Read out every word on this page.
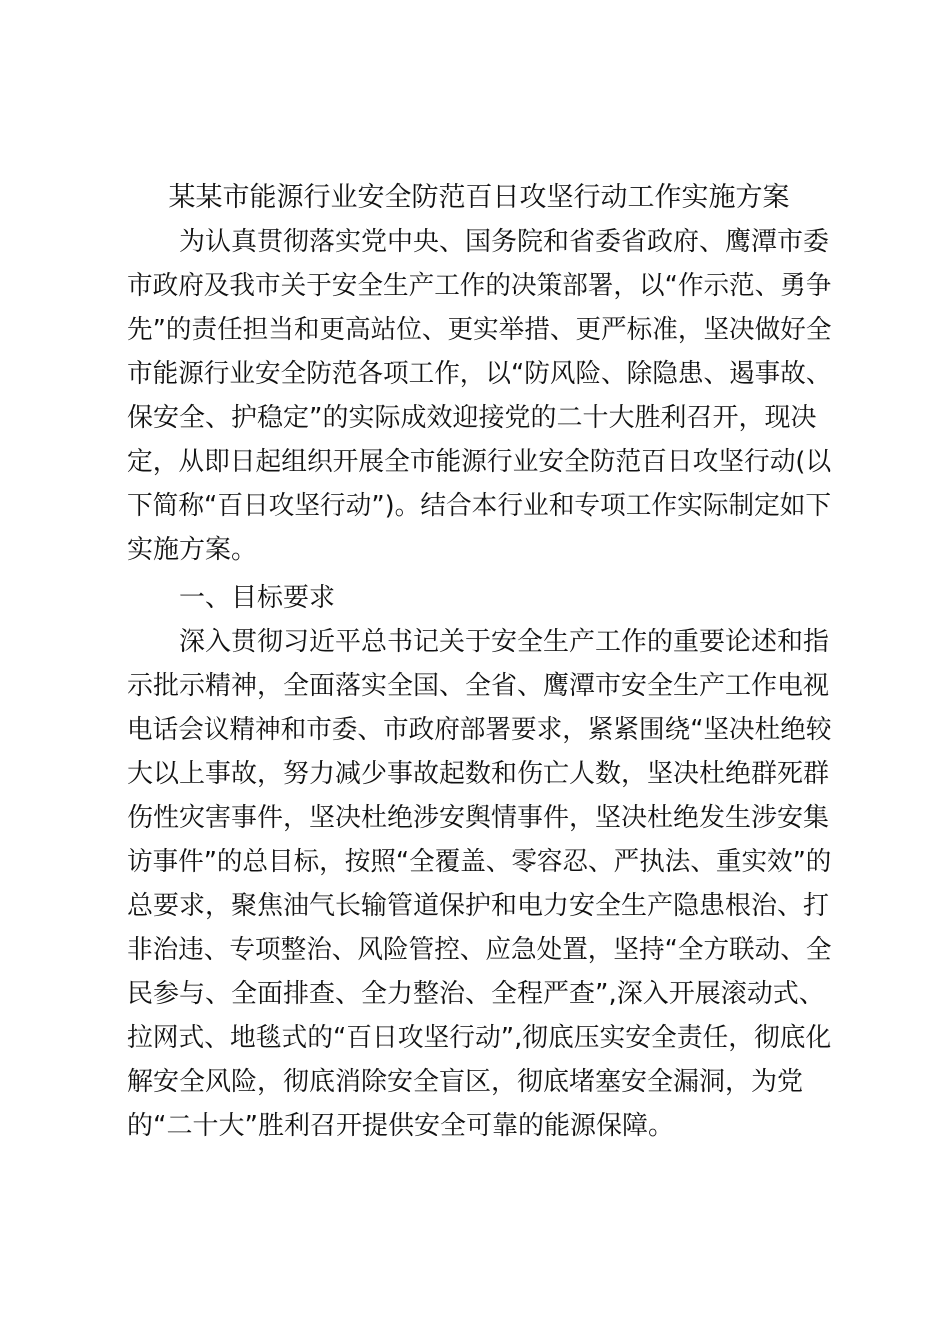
某某市能源行业安全防范百日攻坚行动工作实施方案
为认真贯彻落实党中央、国务院和省委省政府、鹰潭市委
市政府及我市关于安全生产工作的决策部署，以“作示范、勇争
先”的责任担当和更高站位、更实举措、更严标准，坚决做好全
市能源行业安全防范各项工作，以“防风险、除隐患、遏事故、
保安全、护稳定”的实际成效迎接党的二十大胜利召开，现决
定，从即日起组织开展全市能源行业安全防范百日攻坚行动(以
下简称“百日攻坚行动”)。结合本行业和专项工作实际制定如下
实施方案。
一、目标要求
深入贯彻习近平总书记关于安全生产工作的重要论述和指
示批示精神，全面落实全国、全省、鹰潭市安全生产工作电视
电话会议精神和市委、市政府部署要求，紧紧围绕“坚决杜绝较
大以上事故，努力减少事故起数和伤亡人数，坚决杜绝群死群
伤性灾害事件，坚决杜绝涉安舆情事件，坚决杜绝发生涉安集
访事件”的总目标，按照“全覆盖、零容忍、严执法、重实效”的
总要求，聚焦油气长输管道保护和电力安全生产隐患根治、打
非治违、专项整治、风险管控、应急处置，坚持“全方联动、全
民参与、全面排查、全力整治、全程严查”,深入开展滚动式、
拉网式、地毯式的“百日攻坚行动”,彻底压实安全责任，彻底化
解安全风险，彻底消除安全盲区，彻底堵塞安全漏洞，为党
的“二十大”胜利召开提供安全可靠的能源保障。
